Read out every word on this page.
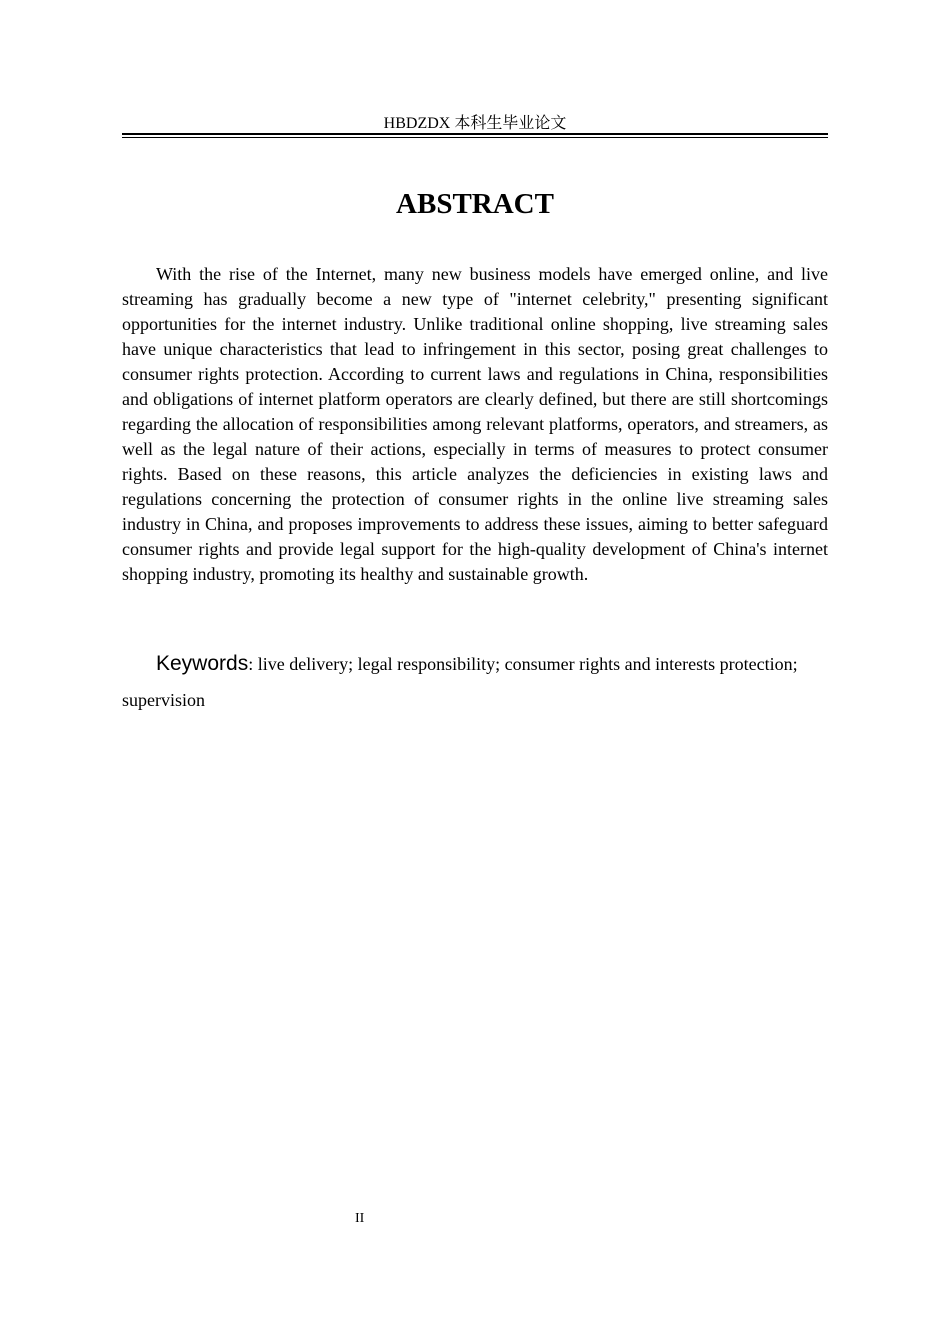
HBDZDX 本科生毕业论文
ABSTRACT

With the rise of the Internet, many new business models have emerged online, and live streaming has gradually become a new type of "internet celebrity," presenting significant opportunities for the internet industry. Unlike traditional online shopping, live streaming sales have unique characteristics that lead to infringement in this sector, posing great challenges to consumer rights protection. According to current laws and regulations in China, responsibilities and obligations of internet platform operators are clearly defined, but there are still shortcomings regarding the allocation of responsibilities among relevant platforms, operators, and streamers, as well as the legal nature of their actions, especially in terms of measures to protect consumer rights. Based on these reasons, this article analyzes the deficiencies in existing laws and regulations concerning the protection of consumer rights in the online live streaming sales industry in China, and proposes improvements to address these issues, aiming to better safeguard consumer rights and provide legal support for the high-quality development of China's internet shopping industry, promoting its healthy and sustainable growth.

Keywords: live delivery; legal responsibility; consumer rights and interests protection; supervision

II
